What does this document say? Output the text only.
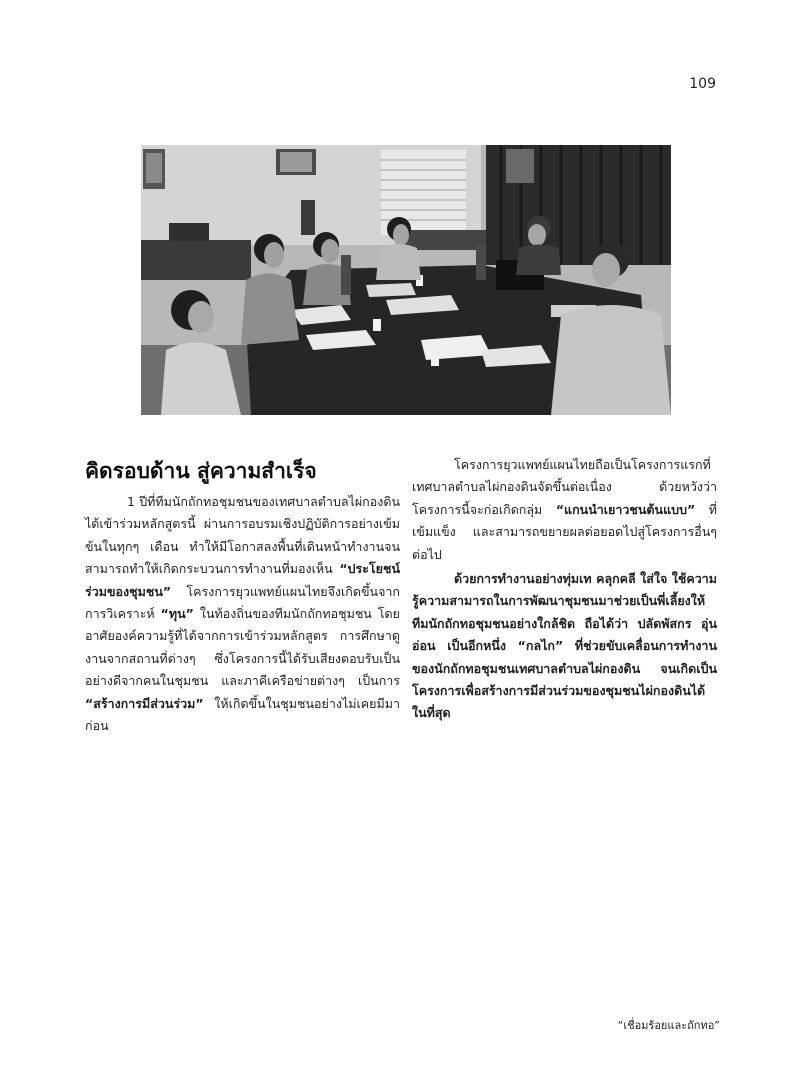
109
คิดรอบด้าน สู่ความสำเร็จ

1 ปีที่ทีมนักถักทอชุมชนของเทศบาลตำบลไผ่กองดินได้เข้าร่วมหลักสูตรนี้ ผ่านการอบรมเชิงปฏิบัติการอย่างเข้มข้นในทุกๆ เดือน ทำให้มีโอกาสลงพื้นที่เดินหน้าทำงานจนสามารถทำให้เกิดกระบวนการทำงานที่มองเห็น “ประโยชน์ร่วมของชุมชน” โครงการยุวแพทย์แผนไทยจึงเกิดขึ้นจากการวิเคราะห์ “ทุน” ในท้องถิ่นของทีมนักถักทอชุมชน โดยอาศัยองค์ความรู้ที่ได้จากการเข้าร่วมหลักสูตร การศึกษาดูงานจากสถานที่ต่างๆ ซึ่งโครงการนี้ได้รับเสียงตอบรับเป็นอย่างดีจากคนในชุมชน และภาคีเครือข่ายต่างๆ เป็นการ “สร้างการมีส่วนร่วม” ให้เกิดขึ้นในชุมชนอย่างไม่เคยมีมาก่อน

โครงการยุวแพทย์แผนไทยถือเป็นโครงการแรกที่เทศบาลตำบลไผ่กองดินจัดขึ้นต่อเนื่อง ด้วยหวังว่าโครงการนี้จะก่อเกิดกลุ่ม “แกนนำเยาวชนต้นแบบ” ที่เข้มแข็ง และสามารถขยายผลต่อยอดไปสู่โครงการอื่นๆ ต่อไป

ด้วยการทำงานอย่างทุ่มเท คลุกคลี ใส่ใจ ใช้ความรู้ความสามารถในการพัฒนาชุมชนมาช่วยเป็นพี่เลี้ยงให้ทีมนักถักทอชุมชนอย่างใกล้ชิด ถือได้ว่า ปลัดพัสกร อุ่นอ่อน เป็นอีกหนึ่ง “กลไก” ที่ช่วยขับเคลื่อนการทำงานของนักถักทอชุมชนเทศบาลตำบลไผ่กองดิน จนเกิดเป็นโครงการเพื่อสร้างการมีส่วนร่วมของชุมชนไผ่กองดินได้ในที่สุด

“เชื่อมร้อยและถักทอ”
